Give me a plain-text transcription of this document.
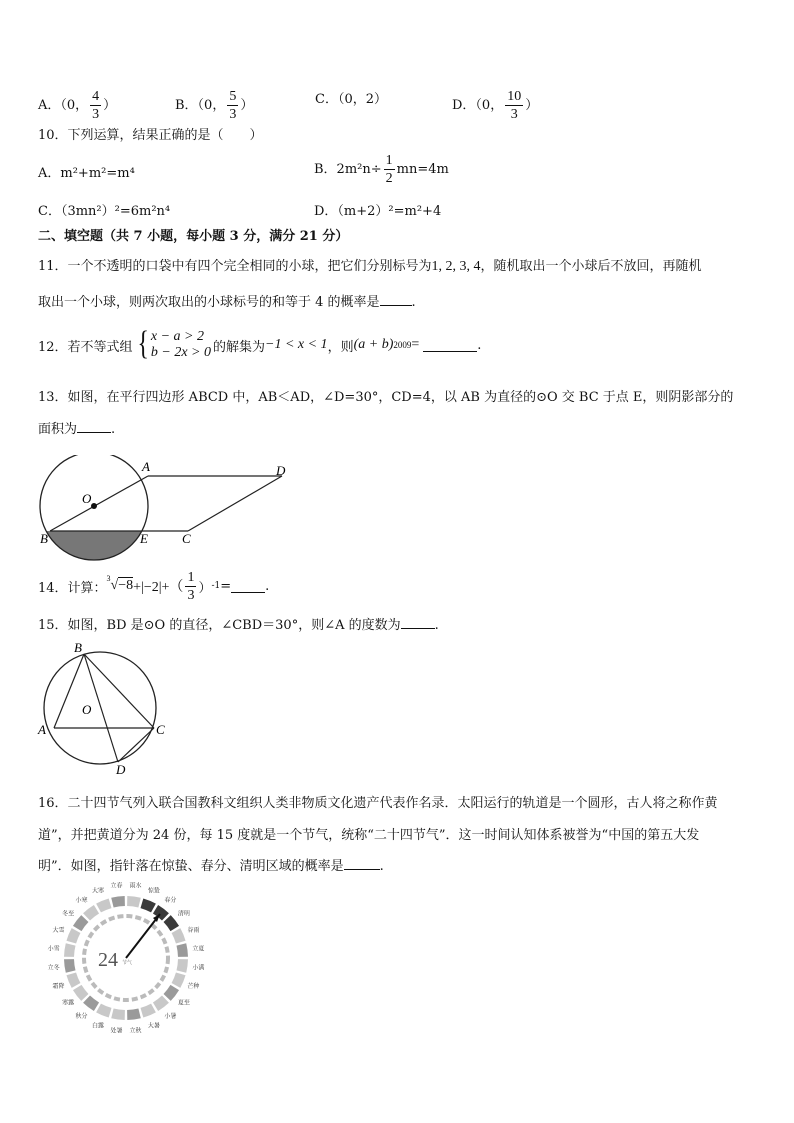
A．（0， $\frac{4}{3}$ ）	B．（0， $\frac{5}{3}$ ）	C．（0，2）	D．（0， $\frac{10}{3}$ ）
10．下列运算，结果正确的是（　　）
A．m²+m²=m⁴	B．$2m^2n\div \frac{1}{2} mn=4m$
C．（3mn²）²=6m²n⁴	D．（m+2）²=m²+4
二、填空题（共 7 小题，每小题 3 分，满分 21 分）
11．一个不透明的口袋中有四个完全相同的小球，把它们分别标号为1, 2, 3, 4，随机取出一个小球后不放回，再随机
取出一个小球，则两次取出的小球标号的和等于 4 的概率是 .
12．若不等式组 { x − a > 2
b − 2x > 0 的解集为 −1 < x < 1 ，则 (a + b) 2009 =	.
13．如图，在平行四边形 ABCD 中，AB＜AD，∠D=30°，CD=4，以 AB 为直径的⊙O 交 BC 于点 E，则阴影部分的
面积为	.
O
A	D
B	E	C
14．计算：
3 $√-8 +|-2|+( \frac{1}{3}$ ） -1 =	.
15．如图，BD 是⊙O 的直径，∠CBD＝30°，则∠A 的度数为	.
B
O
A	C
D
16．二十四节气列入联合国教科文组织人类非物质文化遗产代表作名录．太阳运行的轨道是一个圆形，古人将之称作黄
道”，并把黄道分为 24 份，每 15 度就是一个节气，统称“二十四节气”．这一时间认知体系被誉为“中国的第五大发
明”．如图，指针落在惊蛰、春分、清明区域的概率是	.
24 节气
立春 雨水
惊蛰
春分
清明
谷雨
立夏
小满
芒种
夏至
小暑
大暑
立秋
处暑
白露
秋分
寒露
霜降
立冬
小雪
大雪
冬至
小寒
大寒
